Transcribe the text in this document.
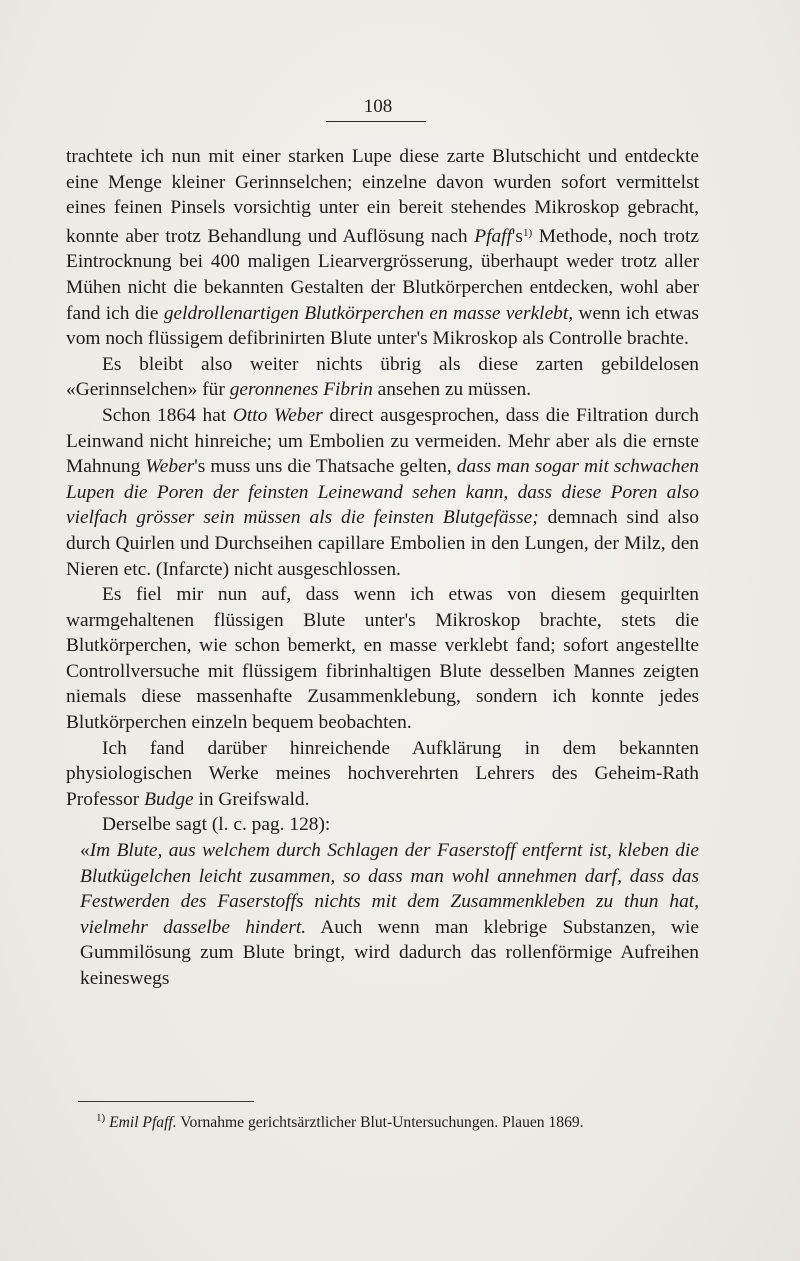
108

trachtete ich nun mit einer starken Lupe diese zarte Blutschicht und entdeckte eine Menge kleiner Gerinnselchen; einzelne davon wurden sofort vermittelst eines feinen Pinsels vorsichtig unter ein bereit stehendes Mikroskop gebracht, konnte aber trotz Behandlung und Auflösung nach $Pfaff's^{1)}$ Methode, noch trotz Eintrocknung bei 400 maligen Liearvergrösserung, überhaupt weder trotz aller Mühen nicht die bekannten Gestalten der Blutkörperchen entdecken, wohl aber fand ich die geldrollenartigen Blutkörperchen en masse verklebt, wenn ich etwas vom noch flüssigem defibrinirten Blute unter's Mikroskop als Controlle brachte.

Es bleibt also weiter nichts übrig als diese zarten gebildelosen «Gerinnselchen» für geronnenes Fibrin ansehen zu müssen.

Schon 1864 hat Otto Weber direct ausgesprochen, dass die Filtration durch Leinwand nicht hinreiche; um Embolien zu vermeiden. Mehr aber als die ernste Mahnung Weber's muss uns die Thatsache gelten, dass man sogar mit schwachen Lupen die Poren der feinsten Leinewand sehen kann, dass diese Poren also vielfach grösser sein müssen als die feinsten Blutgefässe; demnach sind also durch Quirlen und Durchseihen capillare Embolien in den Lungen, der Milz, den Nieren etc. (Infarcte) nicht ausgeschlossen.

Es fiel mir nun auf, dass wenn ich etwas von diesem gequirlten warmgehaltenen flüssigen Blute unter's Mikroskop brachte, stets die Blutkörperchen, wie schon bemerkt, en masse verklebt fand; sofort angestellte Controllversuche mit flüssigem fibrinhaltigen Blute desselben Mannes zeigten niemals diese massenhafte Zusammenklebung, sondern ich konnte jedes Blutkörperchen einzeln bequem beobachten.

Ich fand darüber hinreichende Aufklärung in dem bekannten physiologischen Werke meines hochverehrten Lehrers des Geheim-Rath Professor Budge in Greifswald.

Derselbe sagt (l. c. pag. 128):

«Im Blute, aus welchem durch Schlagen der Faserstoff entfernt ist, kleben die Blutkügelchen leicht zusammen, so dass man wohl annehmen darf, dass das Festwerden des Faserstoffs nichts mit dem Zusammenkleben zu thun hat, vielmehr dasselbe hindert. Auch wenn man klebrige Substanzen, wie Gummilösung zum Blute bringt, wird dadurch das rollenförmige Aufreihen keineswegs

$^{1)}$ Emil Pfaff. Vornahme gerichtsärztlicher Blut-Untersuchungen. Plauen 1869.
